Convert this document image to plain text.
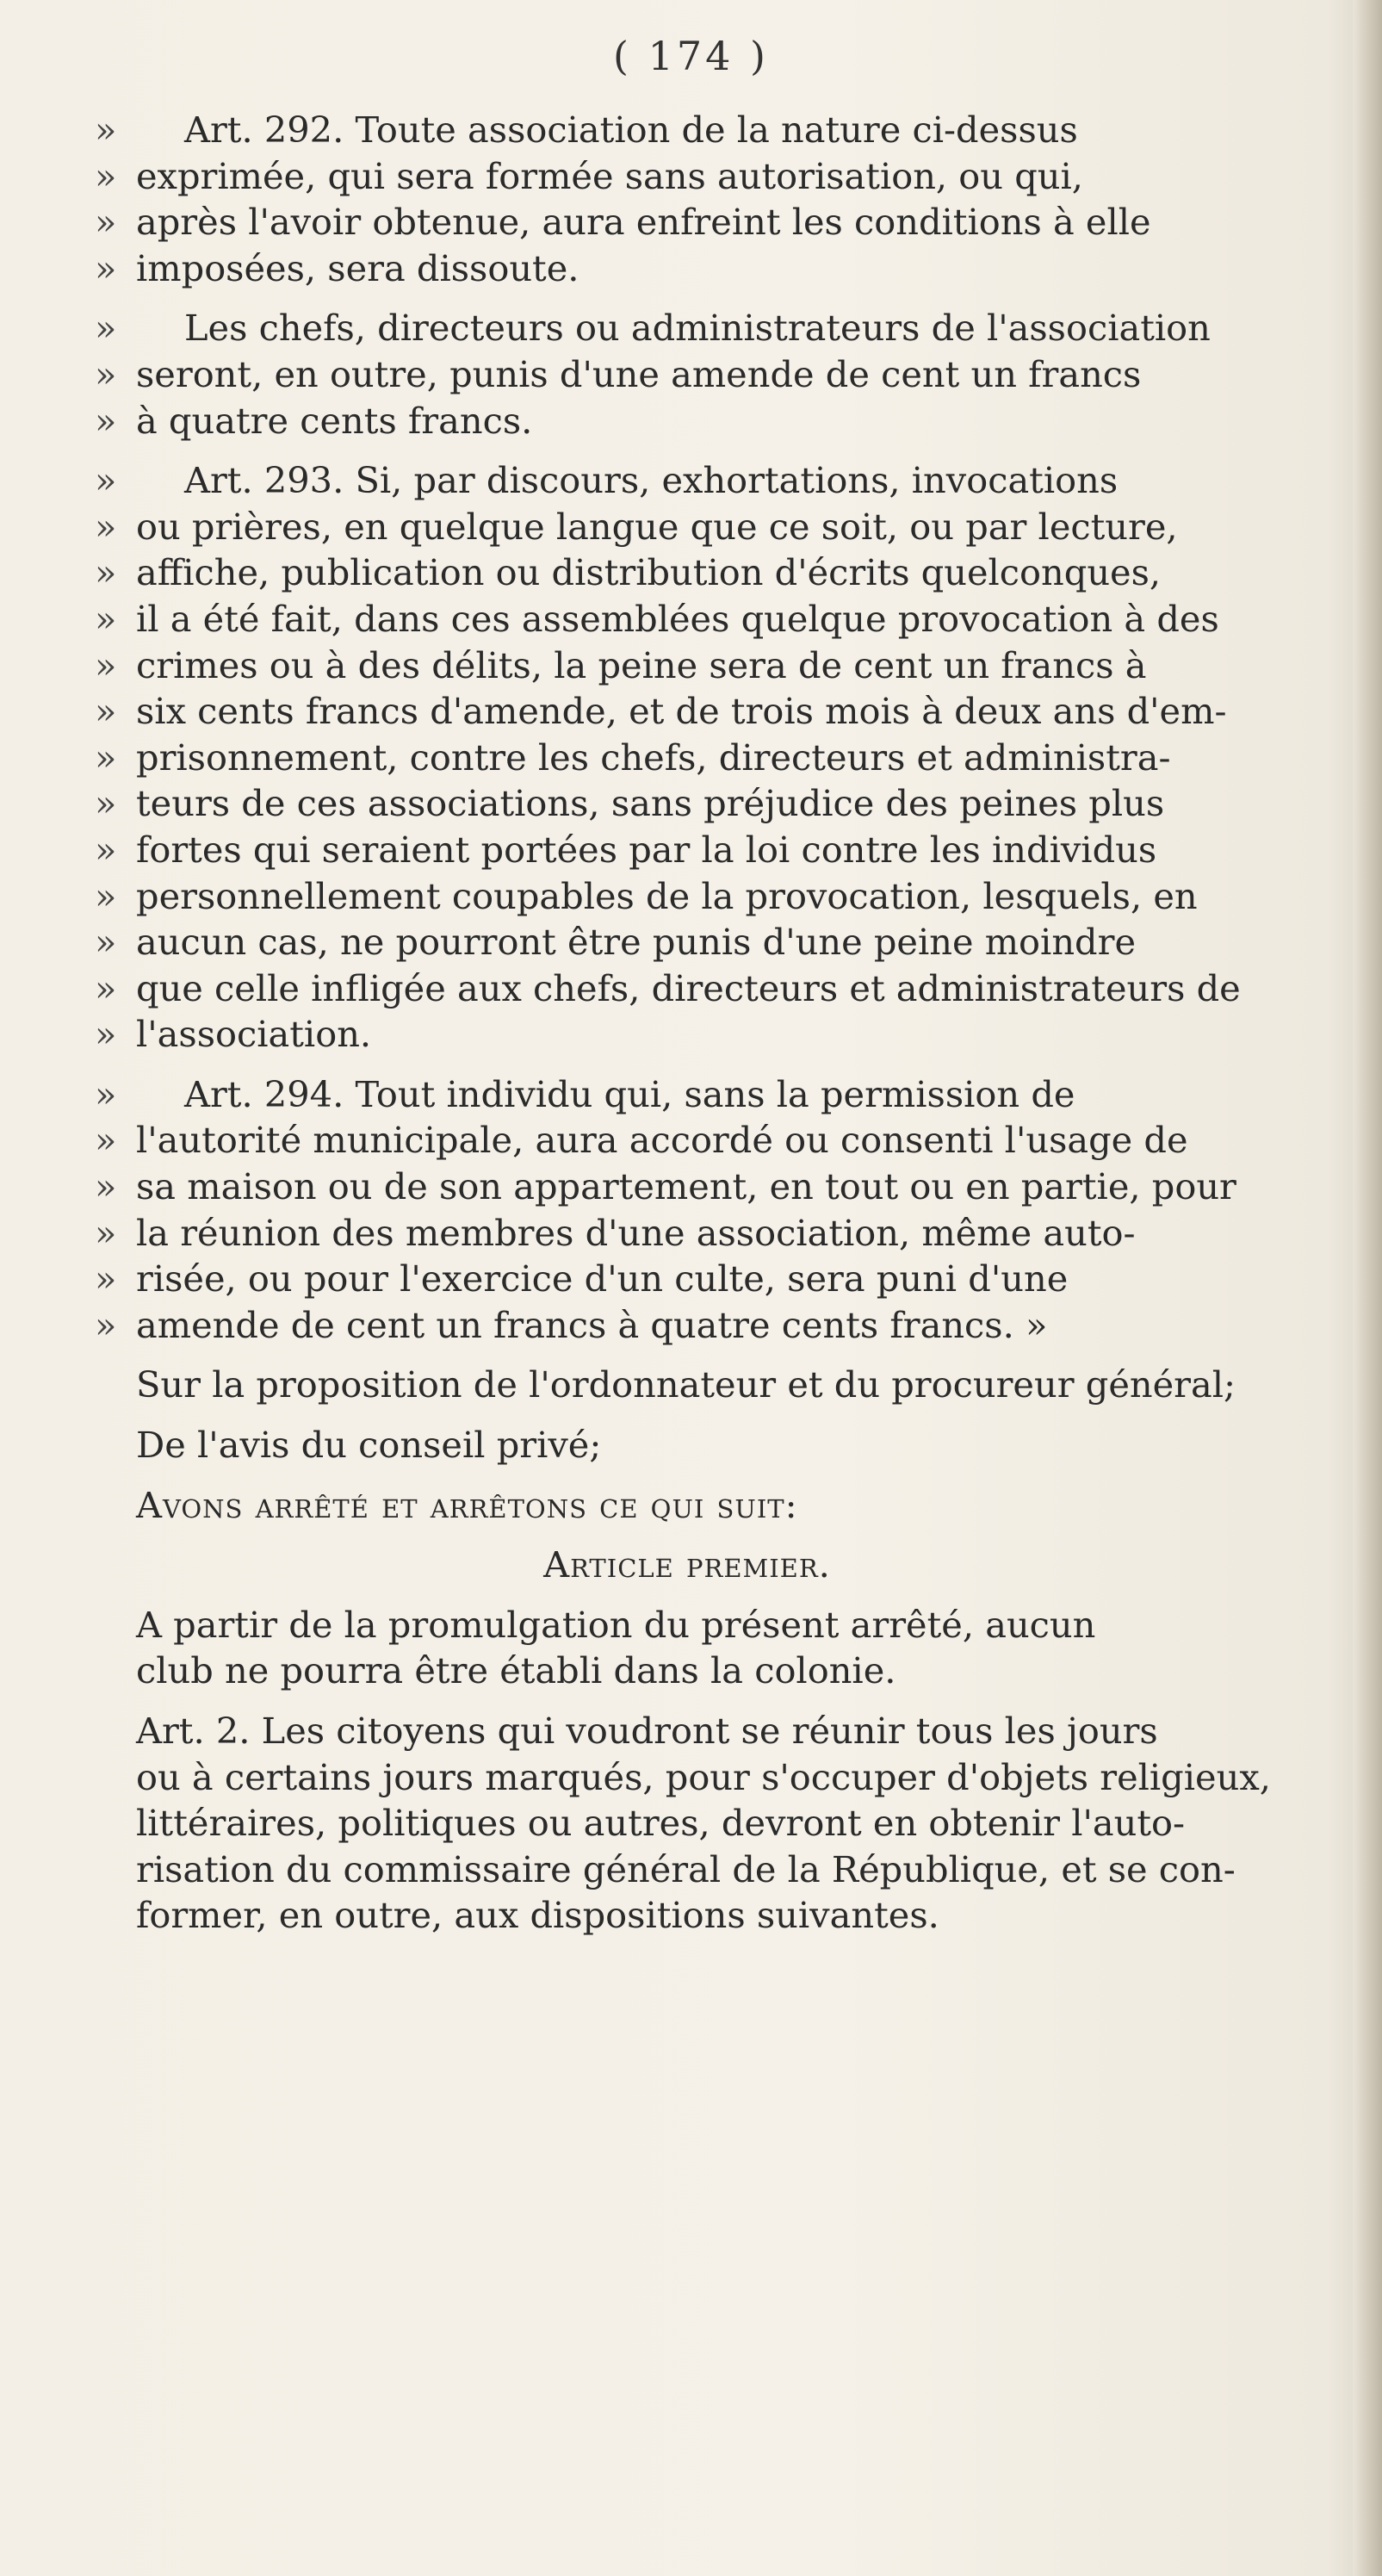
( 174 )
» Art. 292. Toute association de la nature ci-dessus
» exprimée, qui sera formée sans autorisation, ou qui,
» après l'avoir obtenue, aura enfreint les conditions à elle
» imposées, sera dissoute.
» Les chefs, directeurs ou administrateurs de l'association
» seront, en outre, punis d'une amende de cent un francs
» à quatre cents francs.
» Art. 293. Si, par discours, exhortations, invocations
» ou prières, en quelque langue que ce soit, ou par lecture,
» affiche, publication ou distribution d'écrits quelconques,
» il a été fait, dans ces assemblées quelque provocation à des
» crimes ou à des délits, la peine sera de cent un francs à
» six cents francs d'amende, et de trois mois à deux ans d'em-
» prisonnement, contre les chefs, directeurs et administra-
» teurs de ces associations, sans préjudice des peines plus
» fortes qui seraient portées par la loi contre les individus
» personnellement coupables de la provocation, lesquels, en
» aucun cas, ne pourront être punis d'une peine moindre
» que celle infligée aux chefs, directeurs et administrateurs de
» l'association.
» Art. 294. Tout individu qui, sans la permission de
» l'autorité municipale, aura accordé ou consenti l'usage de
» sa maison ou de son appartement, en tout ou en partie, pour
» la réunion des membres d'une association, même auto-
» risée, ou pour l'exercice d'un culte, sera puni d'une
» amende de cent un francs à quatre cents francs. »
Sur la proposition de l'ordonnateur et du procureur général;
De l'avis du conseil privé;
Avons arrêté et arrêtons ce qui suit:
Article premier.
A partir de la promulgation du présent arrêté, aucun
club ne pourra être établi dans la colonie.
Art. 2. Les citoyens qui voudront se réunir tous les jours
ou à certains jours marqués, pour s'occuper d'objets religieux,
littéraires, politiques ou autres, devront en obtenir l'auto-
risation du commissaire général de la République, et se con-
former, en outre, aux dispositions suivantes.
